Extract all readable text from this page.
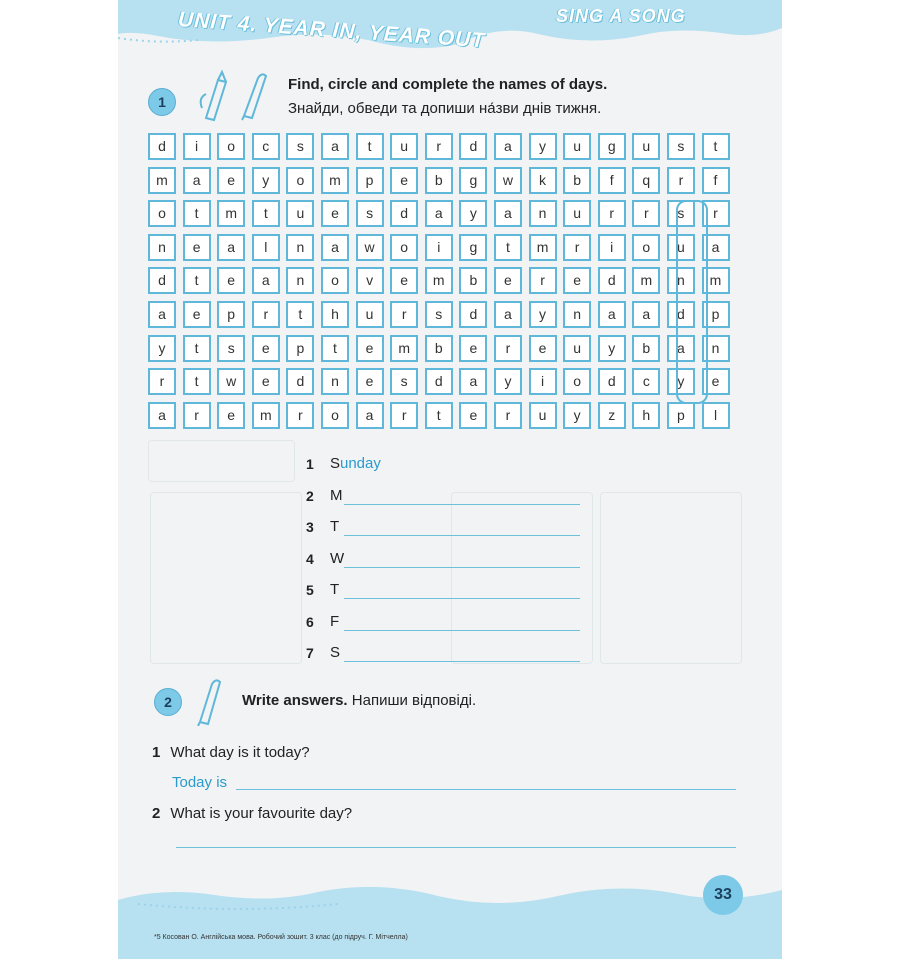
UNIT 4. YEAR IN, YEAR OUT	SING A SONG
1
Find, circle and complete the names of days.
Знайди, обведи та допиши на́зви днів тижня.
d	i	o	c	s	a	t	u	r	d	a	y	u	g	u	s	t
m	a	e	y	o	m	p	e	b	g	w	k	b	f	q	r	f
o	t	m	t	u	e	s	d	a	y	a	n	u	r	r	s	r
n	e	a	l	n	a	w	o	i	g	t	m	r	i	o	u	a
d	t	e	a	n	o	v	e	m	b	e	r	e	d	m	n	m
a	e	p	r	t	h	u	r	s	d	a	y	n	a	a	d	p
y	t	s	e	p	t	e	m	b	e	r	e	u	y	b	a	n
r	t	w	e	d	n	e	s	d	a	y	i	o	d	c	y	e
a	r	e	m	r	o	a	r	t	e	r	u	y	z	h	p	l
1 S unday
2 M
3 T
4 W
5 T
6 F
7 S
2	Write answers. Напиши відповіді.
1 What day is it today?
Today is
2 What is your favourite day?
33
*5 Косован О. Англійська мова. Робочий зошит. 3 клас (до підруч. Г. Мітчелла)
